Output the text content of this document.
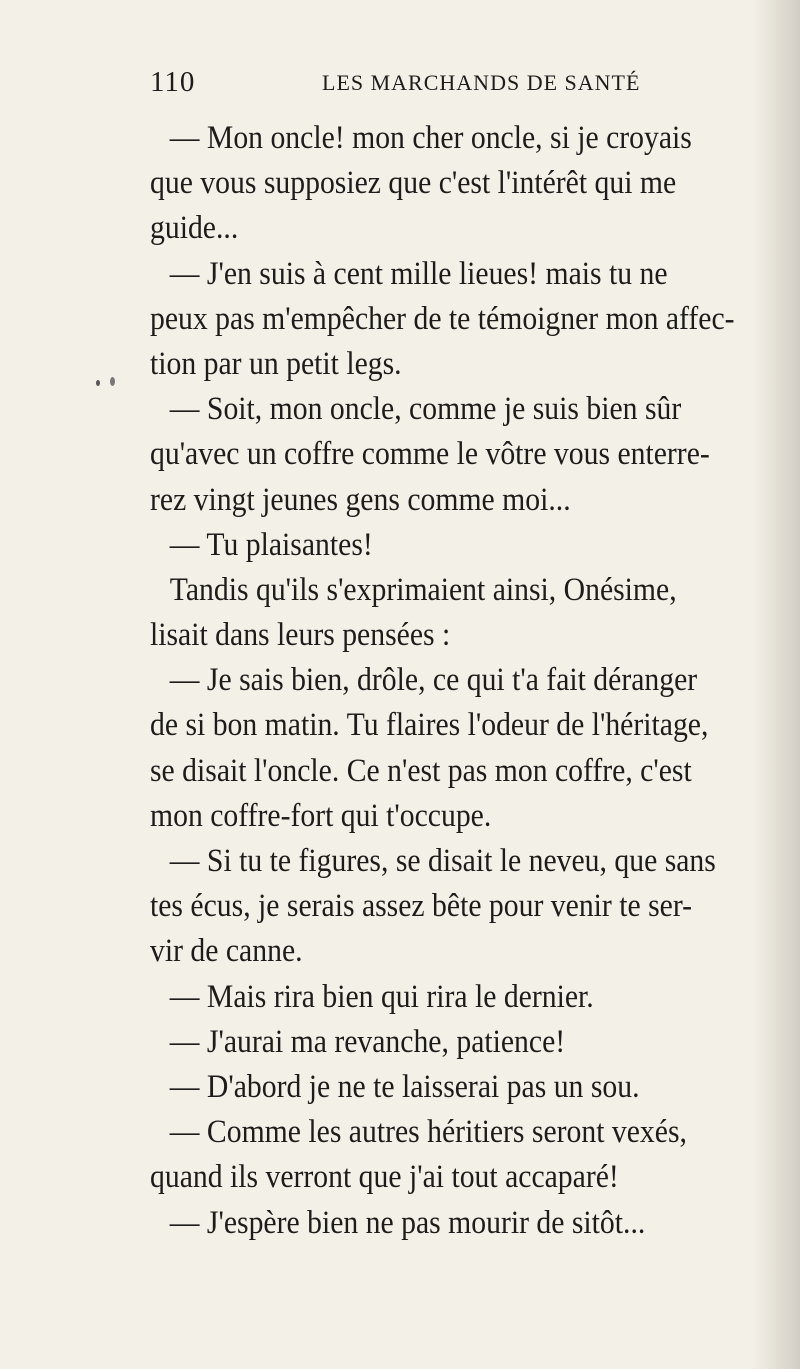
110	LES MARCHANDS DE SANTÉ
— Mon oncle! mon cher oncle, si je croyais
que vous supposiez que c'est l'intérêt qui me
guide...
— J'en suis à cent mille lieues! mais tu ne
peux pas m'empêcher de te témoigner mon affec-
tion par un petit legs.
— Soit, mon oncle, comme je suis bien sûr
qu'avec un coffre comme le vôtre vous enterre-
rez vingt jeunes gens comme moi...
— Tu plaisantes!
Tandis qu'ils s'exprimaient ainsi, Onésime,
lisait dans leurs pensées :
— Je sais bien, drôle, ce qui t'a fait déranger
de si bon matin. Tu flaires l'odeur de l'héritage,
se disait l'oncle. Ce n'est pas mon coffre, c'est
mon coffre-fort qui t'occupe.
— Si tu te figures, se disait le neveu, que sans
tes écus, je serais assez bête pour venir te ser-
vir de canne.
— Mais rira bien qui rira le dernier.
— J'aurai ma revanche, patience!
— D'abord je ne te laisserai pas un sou.
— Comme les autres héritiers seront vexés,
quand ils verront que j'ai tout accaparé!
— J'espère bien ne pas mourir de sitôt...
